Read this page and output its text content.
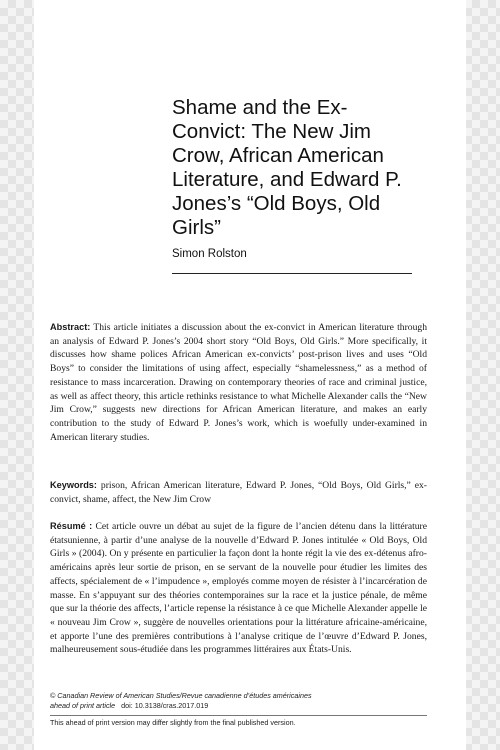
Shame and the Ex-Convict: The New Jim Crow, African American Literature, and Edward P. Jones’s “Old Boys, Old Girls”
Simon Rolston

Abstract: This article initiates a discussion about the ex-convict in American literature through an analysis of Edward P. Jones’s 2004 short story “Old Boys, Old Girls.” More specifically, it discusses how shame polices African American ex-convicts’ post-prison lives and uses “Old Boys” to consider the limitations of using affect, especially “shamelessness,” as a method of resistance to mass incarceration. Drawing on contemporary theories of race and criminal justice, as well as affect theory, this article rethinks resistance to what Michelle Alexander calls the “New Jim Crow,” suggests new directions for African American literature, and makes an early contribution to the study of Edward P. Jones’s work, which is woefully under-examined in American literary studies.

Keywords: prison, African American literature, Edward P. Jones, “Old Boys, Old Girls,” ex-convict, shame, affect, the New Jim Crow

Résumé : Cet article ouvre un débat au sujet de la figure de l’ancien détenu dans la littérature étatsunienne, à partir d’une analyse de la nouvelle d’Edward P. Jones intitulée « Old Boys, Old Girls » (2004). On y présente en particulier la façon dont la honte régit la vie des ex-détenus afro-américains après leur sortie de prison, en se servant de la nouvelle pour étudier les limites des affects, spécialement de « l’impudence », employés comme moyen de résister à l’incarcération de masse. En s’appuyant sur des théories contemporaines sur la race et la justice pénale, de même que sur la théorie des affects, l’article repense la résistance à ce que Michelle Alexander appelle le « nouveau Jim Crow », suggère de nouvelles orientations pour la littérature africaine-américaine, et apporte l’une des premières contributions à l’analyse critique de l’œuvre d’Edward P. Jones, malheureusement sous-étudiée dans les programmes littéraires aux États-Unis.

© Canadian Review of American Studies/Revue canadienne d’études américaines
ahead of print article doi: 10.3138/cras.2017.019
This ahead of print version may differ slightly from the final published version.
